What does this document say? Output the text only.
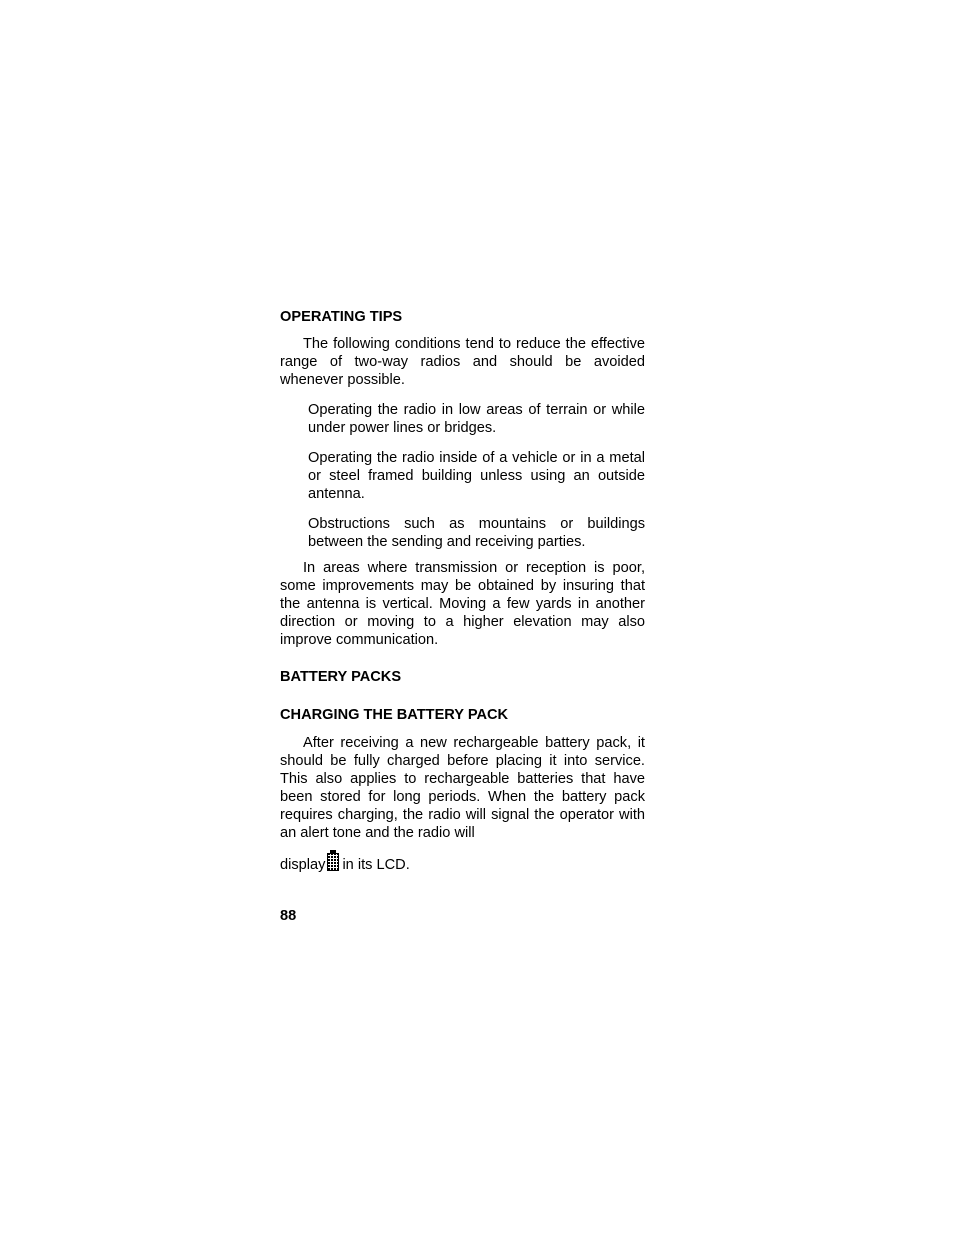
OPERATING TIPS

The following conditions tend to reduce the effective range of two-way radios and should be avoided whenever possible.

Operating the radio in low areas of terrain or while under power lines or bridges.

Operating the radio inside of a vehicle or in a metal or steel framed building unless using an outside antenna.

Obstructions such as mountains or buildings between the sending and receiving parties.

In areas where transmission or reception is poor, some improvements may be obtained by insuring that the antenna is vertical. Moving a few yards in another direction or moving to a higher elevation may also improve communication.

BATTERY PACKS

CHARGING THE BATTERY PACK

After receiving a new rechargeable battery pack, it should be fully charged before placing it into service. This also applies to rechargeable batteries that have been stored for long periods. When the battery pack requires charging, the radio will signal the operator with an alert tone and the radio will

display in its LCD.

88
